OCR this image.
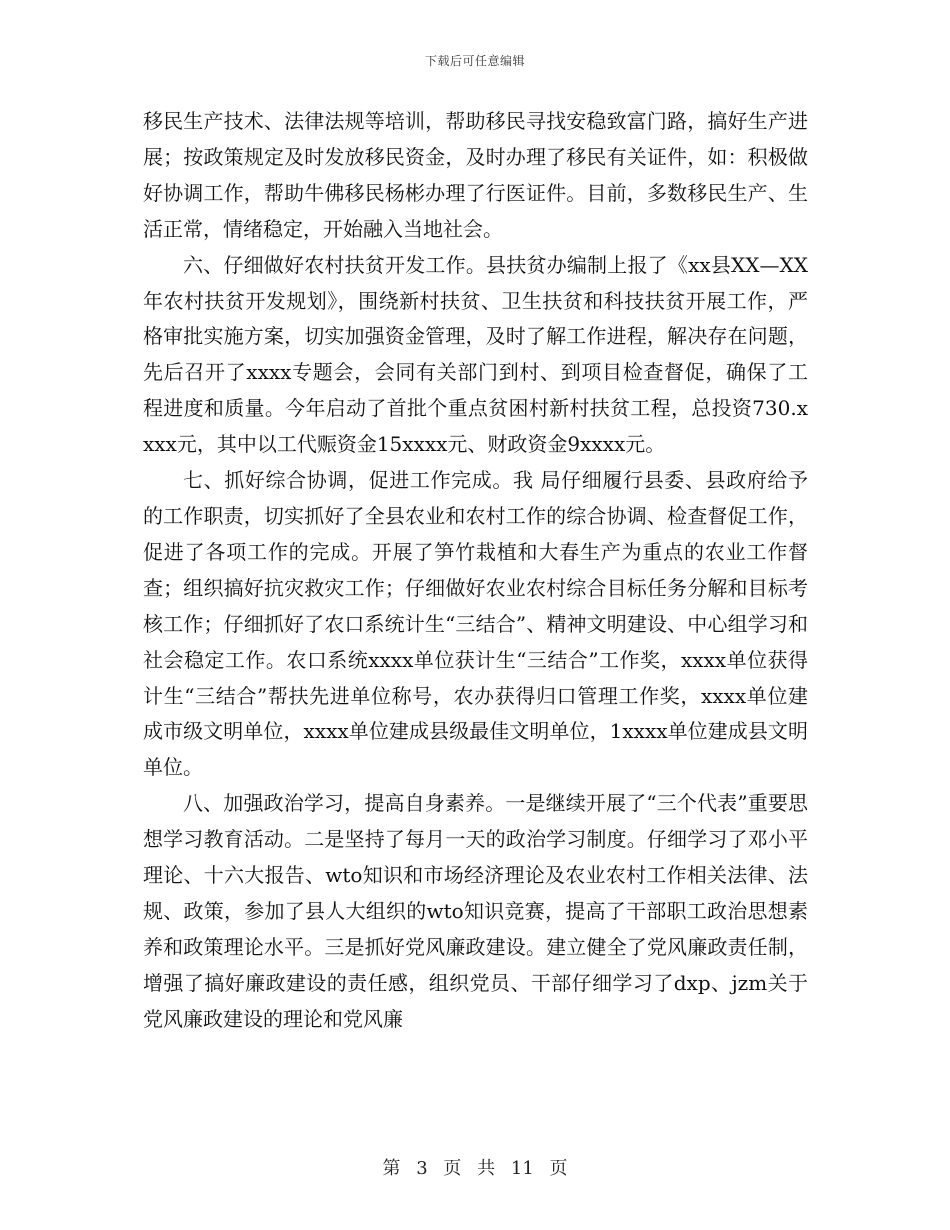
下载后可任意编辑

移民生产技术、法律法规等培训，帮助移民寻找安稳致富门路，搞好生产进展；按政策规定及时发放移民资金，及时办理了移民有关证件，如：积极做好协调工作，帮助牛佛移民杨彬办理了行医证件。目前，多数移民生产、生活正常，情绪稳定，开始融入当地社会。

六、仔细做好农村扶贫开发工作。县扶贫办编制上报了《xx县XX—XX年农村扶贫开发规划》，围绕新村扶贫、卫生扶贫和科技扶贫开展工作，严格审批实施方案，切实加强资金管理，及时了解工作进程，解决存在问题，先后召开了xxxx专题会，会同有关部门到村、到项目检查督促，确保了工程进度和质量。今年启动了首批个重点贫困村新村扶贫工程，总投资730.xxxx元，其中以工代赈资金15xxxx元、财政资金9xxxx元。

七、抓好综合协调，促进工作完成。我 局仔细履行县委、县政府给予的工作职责，切实抓好了全县农业和农村工作的综合协调、检查督促工作，促进了各项工作的完成。开展了笋竹栽植和大春生产为重点的农业工作督查；组织搞好抗灾救灾工作；仔细做好农业农村综合目标任务分解和目标考核工作；仔细抓好了农口系统计生“三结合”、精神文明建设、中心组学习和社会稳定工作。农口系统xxxx单位获计生“三结合”工作奖，xxxx单位获得计生“三结合”帮扶先进单位称号，农办获得归口管理工作奖，xxxx单位建成市级文明单位，xxxx单位建成县级最佳文明单位，1xxxx单位建成县文明单位。

八、加强政治学习，提高自身素养。一是继续开展了“三个代表”重要思想学习教育活动。二是坚持了每月一天的政治学习制度。仔细学习了邓小平理论、十六大报告、wto知识和市场经济理论及农业农村工作相关法律、法规、政策，参加了县人大组织的wto知识竞赛，提高了干部职工政治思想素养和政策理论水平。三是抓好党风廉政建设。建立健全了党风廉政责任制，增强了搞好廉政建设的责任感，组织党员、干部仔细学习了dxp、jzm关于党风廉政建设的理论和党风廉

第 3 页 共 11 页
